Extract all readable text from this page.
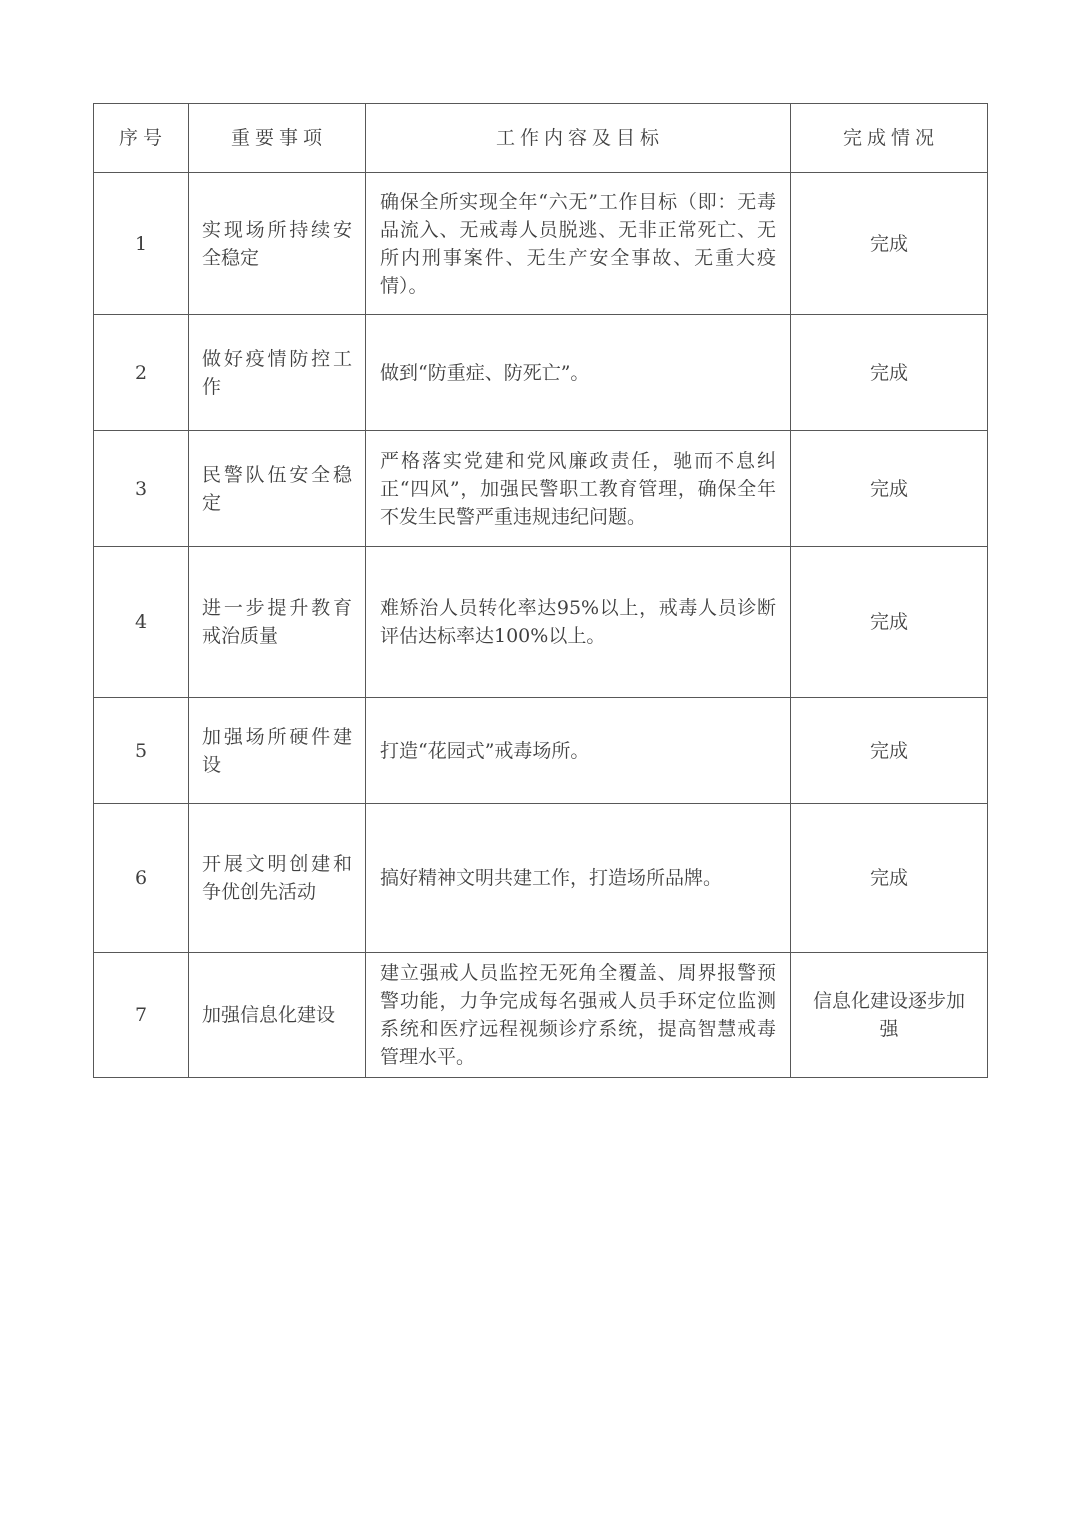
序号	重要事项	工作内容及目标	完成情况
1	实现场所持续安全稳定	确保全所实现全年“六无”工作目标（即：无毒品流入、无戒毒人员脱逃、无非正常死亡、无所内刑事案件、无生产安全事故、无重大疫情）。	完成
2	做好疫情防控工作	做到“防重症、防死亡”。	完成
3	民警队伍安全稳定	严格落实党建和党风廉政责任，驰而不息纠正“四风”，加强民警职工教育管理，确保全年不发生民警严重违规违纪问题。	完成
4	进一步提升教育戒治质量	难矫治人员转化率达95%以上，戒毒人员诊断评估达标率达100%以上。	完成
5	加强场所硬件建设	打造“花园式”戒毒场所。	完成
6	开展文明创建和争优创先活动	搞好精神文明共建工作，打造场所品牌。	完成
7	加强信息化建设	建立强戒人员监控无死角全覆盖、周界报警预警功能，力争完成每名强戒人员手环定位监测系统和医疗远程视频诊疗系统，提高智慧戒毒管理水平。	信息化建设逐步加强
